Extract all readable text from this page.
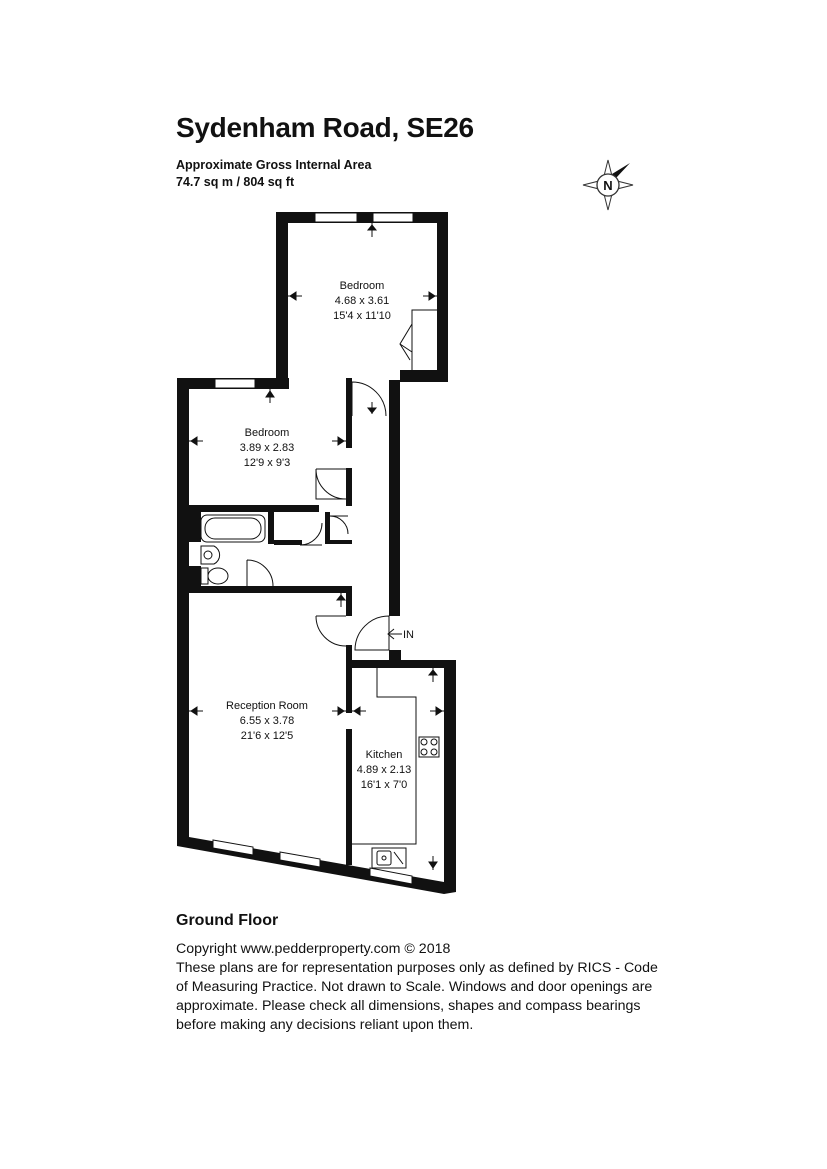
Sydenham Road, SE26
Approximate Gross Internal Area
74.7 sq m / 804 sq ft	N
Bedroom
4.68 x 3.61
15'4 x 11'10
Bedroom
3.89 x 2.83
12'9 x 9'3
Reception Room
6.55 x 3.78
21'6 x 12'5
Kitchen
4.89 x 2.13
16'1 x 7'0
IN
Ground Floor
Copyright www.pedderproperty.com © 2018
These plans are for representation purposes only as defined by RICS - Code
of Measuring Practice. Not drawn to Scale. Windows and door openings are
approximate. Please check all dimensions, shapes and compass bearings
before making any decisions reliant upon them.
